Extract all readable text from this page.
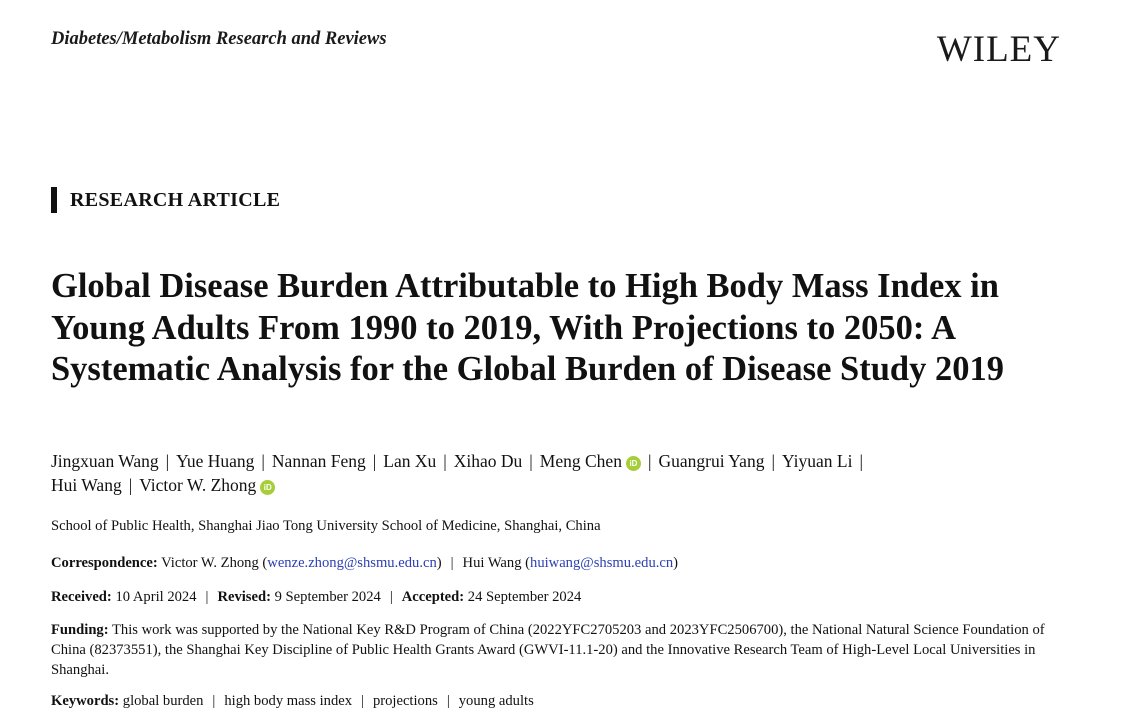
Diabetes/Metabolism Research and Reviews	WILEY
RESEARCH ARTICLE
Global Disease Burden Attributable to High Body Mass Index in Young Adults From 1990 to 2019, With Projections to 2050: A Systematic Analysis for the Global Burden of Disease Study 2019
Jingxuan Wang | Yue Huang | Nannan Feng | Lan Xu | Xihao Du | Meng Chen iD | Guangrui Yang | Yiyuan Li |
Hui Wang | Victor W. Zhong iD
School of Public Health, Shanghai Jiao Tong University School of Medicine, Shanghai, China
Correspondence: Victor W. Zhong (wenze.zhong@shsmu.edu.cn) | Hui Wang (huiwang@shsmu.edu.cn)
Received: 10 April 2024 | Revised: 9 September 2024 | Accepted: 24 September 2024
Funding: This work was supported by the National Key R&D Program of China (2022YFC2705203 and 2023YFC2506700), the National Natural Science Foundation of China (82373551), the Shanghai Key Discipline of Public Health Grants Award (GWVI-11.1-20) and the Innovative Research Team of High-Level Local Universities in Shanghai.
Keywords: global burden | high body mass index | projections | young adults
